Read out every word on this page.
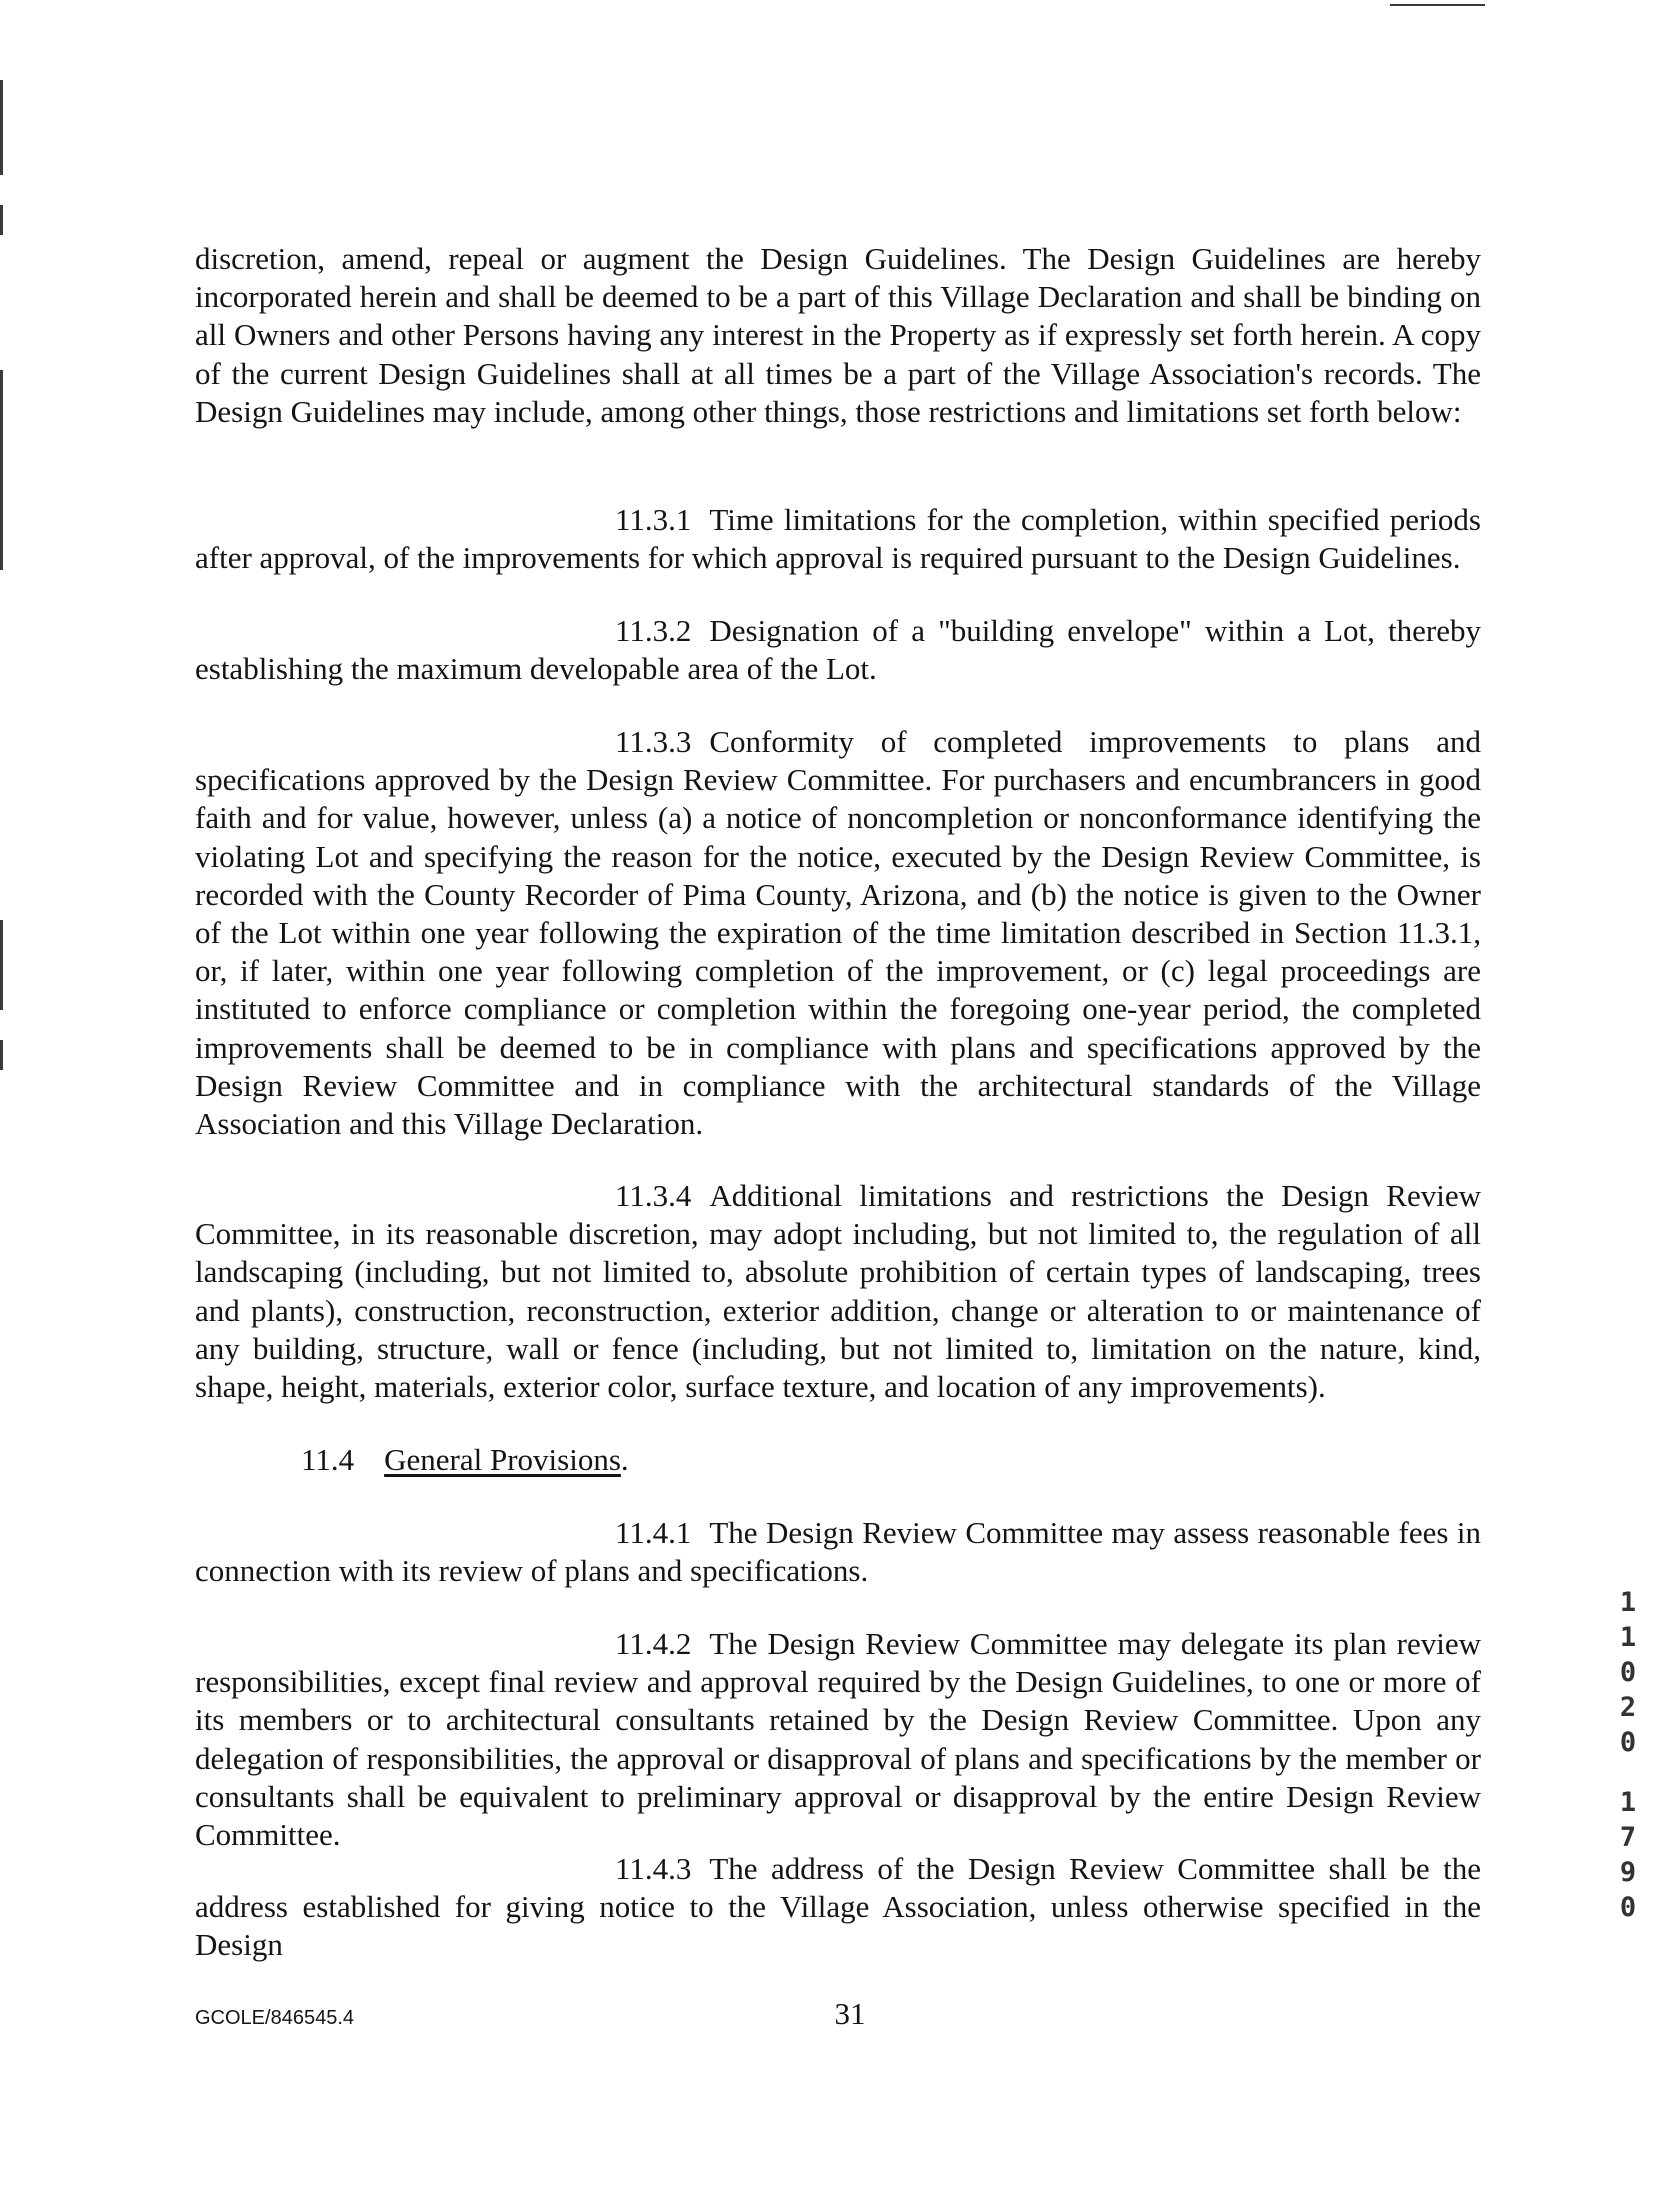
discretion, amend, repeal or augment the Design Guidelines. The Design Guidelines are hereby incorporated herein and shall be deemed to be a part of this Village Declaration and shall be binding on all Owners and other Persons having any interest in the Property as if expressly set forth herein. A copy of the current Design Guidelines shall at all times be a part of the Village Association's records. The Design Guidelines may include, among other things, those restrictions and limitations set forth below:

11.3.1 Time limitations for the completion, within specified periods after approval, of the improvements for which approval is required pursuant to the Design Guidelines.

11.3.2 Designation of a "building envelope" within a Lot, thereby establishing the maximum developable area of the Lot.

11.3.3 Conformity of completed improvements to plans and specifications approved by the Design Review Committee. For purchasers and encumbrancers in good faith and for value, however, unless (a) a notice of noncompletion or nonconformance identifying the violating Lot and specifying the reason for the notice, executed by the Design Review Committee, is recorded with the County Recorder of Pima County, Arizona, and (b) the notice is given to the Owner of the Lot within one year following the expiration of the time limitation described in Section 11.3.1, or, if later, within one year following completion of the improvement, or (c) legal proceedings are instituted to enforce compliance or completion within the foregoing one-year period, the completed improvements shall be deemed to be in compliance with plans and specifications approved by the Design Review Committee and in compliance with the architectural standards of the Village Association and this Village Declaration.

11.3.4 Additional limitations and restrictions the Design Review Committee, in its reasonable discretion, may adopt including, but not limited to, the regulation of all landscaping (including, but not limited to, absolute prohibition of certain types of landscaping, trees and plants), construction, reconstruction, exterior addition, change or alteration to or maintenance of any building, structure, wall or fence (including, but not limited to, limitation on the nature, kind, shape, height, materials, exterior color, surface texture, and location of any improvements).

11.4 General Provisions.

11.4.1 The Design Review Committee may assess reasonable fees in connection with its review of plans and specifications.

11.4.2 The Design Review Committee may delegate its plan review responsibilities, except final review and approval required by the Design Guidelines, to one or more of its members or to architectural consultants retained by the Design Review Committee. Upon any delegation of responsibilities, the approval or disapproval of plans and specifications by the member or consultants shall be equivalent to preliminary approval or disapproval by the entire Design Review Committee.

11.4.3 The address of the Design Review Committee shall be the address established for giving notice to the Village Association, unless otherwise specified in the Design

1
1
0
2
0
1
7
9
0
GCOLE/846545.4	31
